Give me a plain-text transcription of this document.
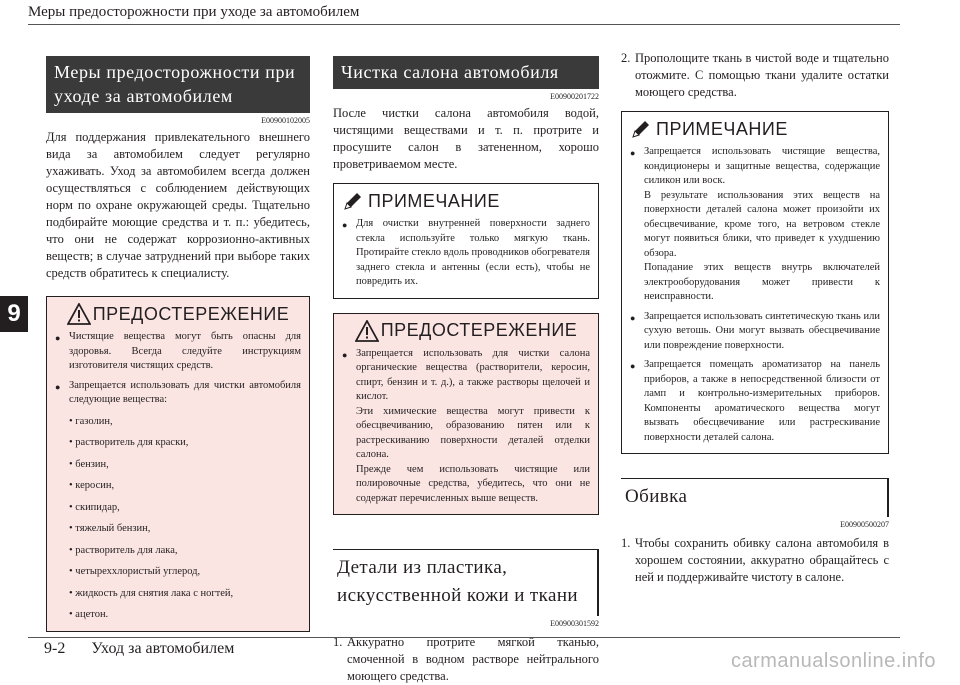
Меры предосторожности при уходе за автомобилем
9
Меры предосторожности при уходе за автомобилем
E00900102005
Для поддержания привлекательного внешнего вида за автомобилем следует регулярно ухаживать. Уход за автомобилем всегда должен осуществляться с соблюдением действующих норм по охране окружающей среды. Тщательно подбирайте моющие средства и т. п.: убедитесь, что они не содержат коррозионно-активных веществ; в случае затруднений при выборе таких средств обратитесь к специалисту.
ПРЕДОСТЕРЕЖЕНИЕ
● Чистящие вещества могут быть опасны для здоровья. Всегда следуйте инструкциям изготовителя чистящих средств.
● Запрещается использовать для чистки автомобиля следующие вещества:
• газолин,
• растворитель для краски,
• бензин,
• керосин,
• скипидар,
• тяжелый бензин,
• растворитель для лака,
• четыреххлористый углерод,
• жидкость для снятия лака с ногтей,
• ацетон.
Чистка салона автомобиля
E00900201722
После чистки салона автомобиля водой, чистящими веществами и т. п. протрите и просушите салон в затененном, хорошо проветриваемом месте.
ПРИМЕЧАНИЕ
● Для очистки внутренней поверхности заднего стекла используйте только мягкую ткань. Протирайте стекло вдоль проводников обогревателя заднего стекла и антенны (если есть), чтобы не повредить их.
ПРЕДОСТЕРЕЖЕНИЕ
● Запрещается использовать для чистки салона органические вещества (растворители, керосин, спирт, бензин и т. д.), а также растворы щелочей и кислот.

Эти химические вещества могут привести к обесцвечиванию, образованию пятен или к растрескиванию поверхности деталей отделки салона.

Прежде чем использовать чистящие или полировочные средства, убедитесь, что они не содержат перечисленных выше веществ.

Детали из пластика, искусственной кожи и ткани
E00900301592
1. Аккуратно протрите мягкой тканью, смоченной в водном растворе нейтрального моющего средства.
2. Прополощите ткань в чистой воде и тщательно отожмите. С помощью ткани удалите остатки моющего средства.
ПРИМЕЧАНИЕ
● Запрещается использовать чистящие вещества, кондиционеры и защитные вещества, содержащие силикон или воск.

В результате использования этих веществ на поверхности деталей салона может произойти их обесцвечивание, кроме того, на ветровом стекле могут появиться блики, что приведет к ухудшению обзора.

Попадание этих веществ внутрь включателей электрооборудования может привести к неисправности.

● Запрещается использовать синтетическую ткань или сухую ветошь. Они могут вызвать обесцвечивание или повреждение поверхности.
● Запрещается помещать ароматизатор на панель приборов, а также в непосредственной близости от ламп и контрольно-измерительных приборов. Компоненты ароматического вещества могут вызвать обесцвечивание или растрескивание поверхности деталей салона.
Обивка
E00900500207
1. Чтобы сохранить обивку салона автомобиля в хорошем состоянии, аккуратно обращайтесь с ней и поддерживайте чистоту в салоне.
9-2 Уход за автомобилем
carmanualsonline.info
